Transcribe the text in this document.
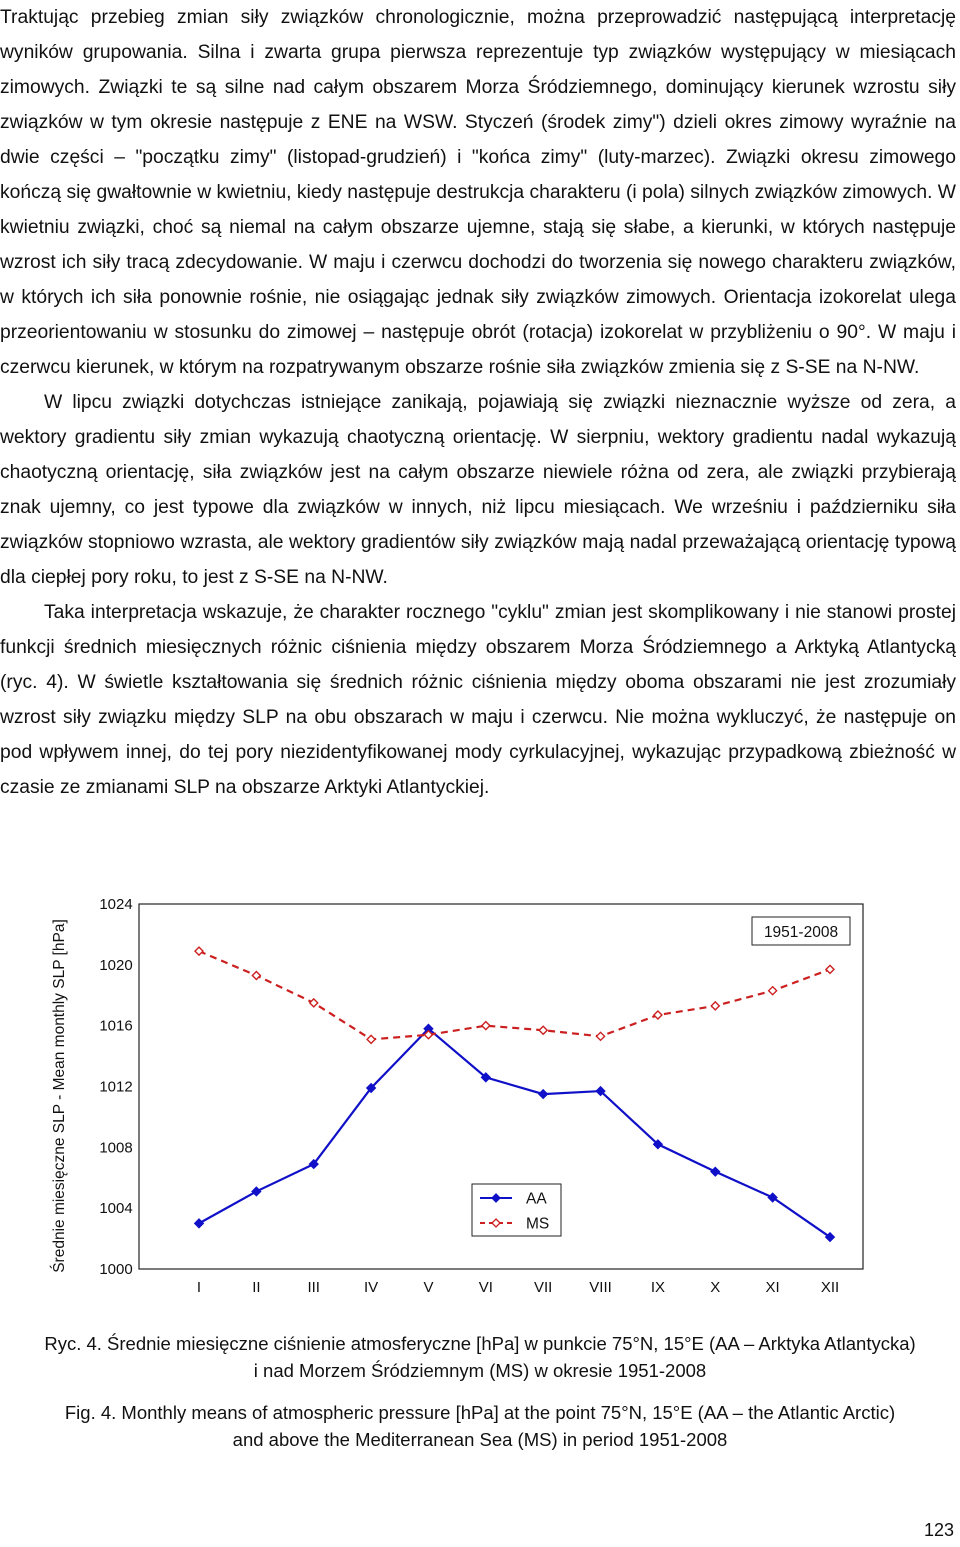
Traktując przebieg zmian siły związków chronologicznie, można przeprowadzić następującą interpretację wyników grupowania. Silna i zwarta grupa pierwsza reprezentuje typ związków występujący w miesiącach zimowych. Związki te są silne nad całym obszarem Morza Śródziemnego, dominujący kierunek wzrostu siły związków w tym okresie następuje z ENE na WSW. Styczeń (środek zimy") dzieli okres zimowy wyraźnie na dwie części – "początku zimy" (listopad-grudzień) i "końca zimy" (luty-marzec). Związki okresu zimowego kończą się gwałtownie w kwietniu, kiedy następuje destrukcja charakteru (i pola) silnych związków zimowych. W kwietniu związki, choć są niemal na całym obszarze ujemne, stają się słabe, a kierunki, w których następuje wzrost ich siły tracą zdecydowanie. W maju i czerwcu dochodzi do tworzenia się nowego charakteru związków, w których ich siła ponownie rośnie, nie osiągając jednak siły związków zimowych. Orientacja izokorelat ulega przeorientowaniu w stosunku do zimowej – następuje obrót (rotacja) izokorelat w przybliżeniu o 90°. W maju i czerwcu kierunek, w którym na rozpatrywanym obszarze rośnie siła związków zmienia się z S-SE na N-NW.

W lipcu związki dotychczas istniejące zanikają, pojawiają się związki nieznacznie wyższe od zera, a wektory gradientu siły zmian wykazują chaotyczną orientację. W sierpniu, wektory gradientu nadal wykazują chaotyczną orientację, siła związków jest na całym obszarze niewiele różna od zera, ale związki przybierają znak ujemny, co jest typowe dla związków w innych, niż lipcu miesiącach. We wrześniu i październiku siła związków stopniowo wzrasta, ale wektory gradientów siły związków mają nadal przeważającą orientację typową dla ciepłej pory roku, to jest z S-SE na N-NW.

Taka interpretacja wskazuje, że charakter rocznego "cyklu" zmian jest skomplikowany i nie stanowi prostej funkcji średnich miesięcznych różnic ciśnienia między obszarem Morza Śródziemnego a Arktyką Atlantycką (ryc. 4). W świetle kształtowania się średnich różnic ciśnienia między oboma obszarami nie jest zrozumiały wzrost siły związku między SLP na obu obszarach w maju i czerwcu. Nie można wykluczyć, że następuje on pod wpływem innej, do tej pory niezidentyfikowanej mody cyrkulacyjnej, wykazując przypadkową zbieżność w czasie ze zmianami SLP na obszarze Arktyki Atlantyckiej.

Średnie miesięczne SLP - Mean monthly SLP [hPa]	1000
1004
1008
1012
1016
1020
1024
I	II	III	IV	V	VI	VII VIII	IX	X	XI	XII
1951-2008
AA
MS
Ryc. 4. Średnie miesięczne ciśnienie atmosferyczne [hPa] w punkcie 75°N, 15°E (AA – Arktyka Atlantycka)
i nad Morzem Śródziemnym (MS) w okresie 1951-2008
Fig. 4. Monthly means of atmospheric pressure [hPa] at the point 75°N, 15°E (AA – the Atlantic Arctic)
and above the Mediterranean Sea (MS) in period 1951-2008
123
